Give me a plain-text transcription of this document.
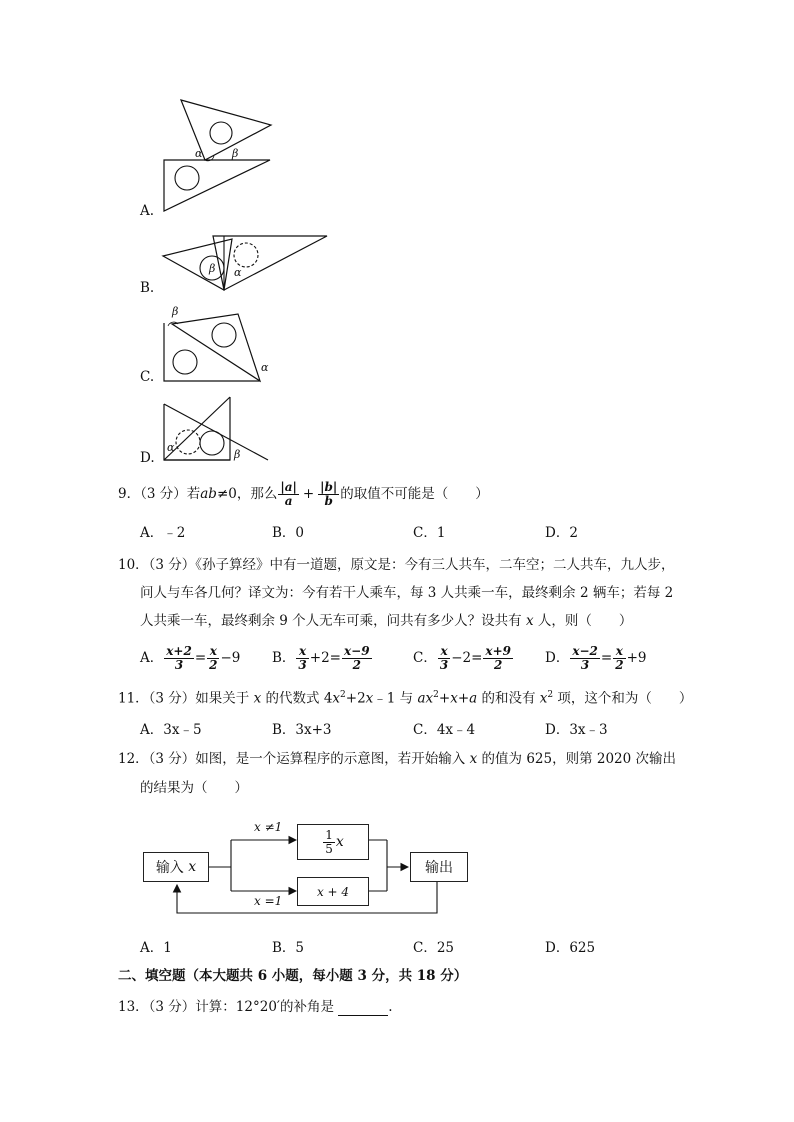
A.
α	β
B.
β α
C.
β
α
D.
α
β
9．（3 分）若ab≠0，那么 $\frac{|a|}{a} + \frac{|b|}{b}$ 的取值不可能是（　　）
A．﹣2	B．0	C．1	D．2
10．（3 分）《孙子算经》中有一道题，原文是：今有三人共车，二车空；二人共车，九人步，
问人与车各几何？译文为：今有若干人乘车，每 3 人共乘一车，最终剩余 2 辆车；若每 2
人共乘一车，最终剩余 9 个人无车可乘，问共有多少人？设共有 x 人，则（　　）
A． $\frac{x+2}{3} = \frac{x}{2} -9$ B． $\frac{x}{3} +2= \frac{x-9}{2}$	C． $\frac{x}{3} -2= \frac{x+9}{2}$ D． $\frac{x-2}{3} = \frac{x}{2} +9$
11．（3 分）如果关于 x 的代数式 $4x^2+2x﹣1$ 与 $ax^2+x+a$ 的和没有 $x^2$ 项，这个和为（　　）
A．3x﹣5	B．3x+3	C．4x﹣4	D．3x﹣3
12．（3 分）如图，是一个运算程序的示意图，若开始输入 x 的值为 625，则第 2020 次输出
的结果为（　　）
输入
x
$\frac{1}{5}$ x
x + 4
输出
x ≠1
x =1
A．1	B．5	C．25	D．625
二、填空题（本大题共 6 小题，每小题 3 分，共 18 分）
13．（3 分）计算：12°20′的补角是	.
